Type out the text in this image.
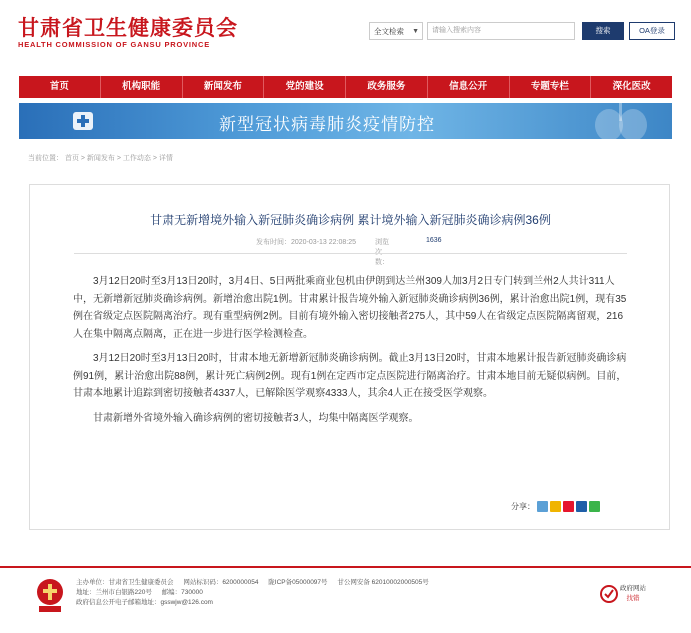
甘肃省卫生健康委员会
HEALTH COMMISSION OF GANSU PROVINCE
全文检索 ▼	请输入搜索内容	搜索	OA登录
首页	机构职能	新闻发布	党的建设	政务服务	信息公开	专题专栏	深化医改
新型冠状病毒肺炎疫情防控
当前位置： 首页 > 新闻发布 > 工作动态 > 详情
甘肃无新增境外输入新冠肺炎确诊病例 累计境外输入新冠肺炎确诊病例36例
发布时间：2020-03-13 22:08:25	浏览次数：
1636

3月12日20时至3月13日20时，3月4日、5日两批乘商业包机由伊朗到达兰州309人加3月2日专门转到兰州2人共计311人中，无新增新冠肺炎确诊病例。新增治愈出院1例。甘肃累计报告境外输入新冠肺炎确诊病例36例，累计治愈出院1例，现有35例在省级定点医院隔离治疗。现有重型病例2例。目前有境外输入密切接触者275人，其中59人在省级定点医院隔离留观，216人在集中隔离点隔离，正在进一步进行医学检测检查。

3月12日20时至3月13日20时，甘肃本地无新增新冠肺炎确诊病例。截止3月13日20时，甘肃本地累计报告新冠肺炎确诊病例91例，累计治愈出院88例，累计死亡病例2例。现有1例在定西市定点医院进行隔离治疗。甘肃本地目前无疑似病例。目前，甘肃本地累计追踪到密切接触者4337人，已解除医学观察4333人，其余4人正在接受医学观察。

甘肃新增外省境外输入确诊病例的密切接触者3人，均集中隔离医学观察。

分享：
主办单位：甘肃省卫生健康委员会 网站标识码：6200000054 陇ICP备05000097号 甘公网安备 62010002000505号
地址：兰州市白银路220号 邮编：730000
政府信息公开电子邮箱地址：gsswjw@126.com
政府网站
找错
